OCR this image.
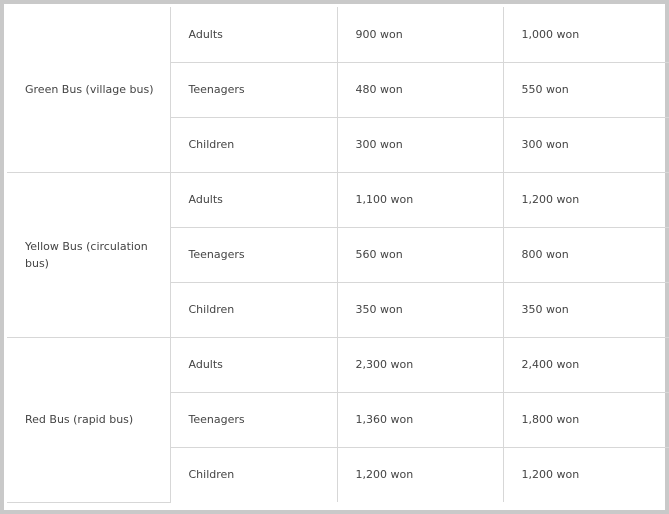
Green Bus (village bus)	Adults	900 won	1,000 won
	Teenagers	480 won	550 won
	Children	300 won	300 won
Yellow Bus (circulation bus)	Adults	1,100 won	1,200 won
	Teenagers	560 won	800 won
	Children	350 won	350 won
Red Bus (rapid bus)	Adults	2,300 won	2,400 won
	Teenagers	1,360 won	1,800 won
	Children	1,200 won	1,200 won
